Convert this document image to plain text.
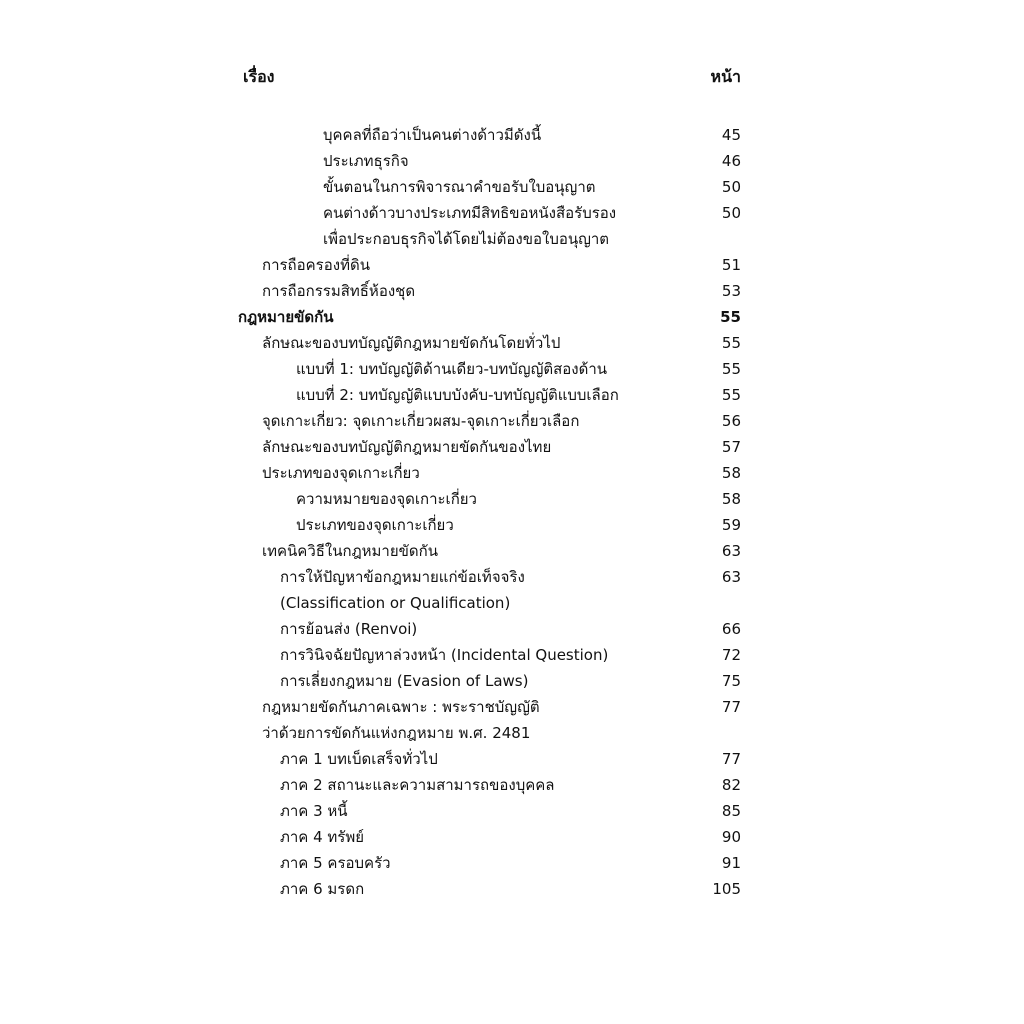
เรื่อง	หน้า
บุคคลที่ถือว่าเป็นคนต่างด้าวมีดังนี้	45
ประเภทธุรกิจ	46
ขั้นตอนในการพิจารณาคำขอรับใบอนุญาต	50
คนต่างด้าวบางประเภทมีสิทธิขอหนังสือรับรอง	50
เพื่อประกอบธุรกิจได้โดยไม่ต้องขอใบอนุญาต
การถือครองที่ดิน	51
การถือกรรมสิทธิ์ห้องชุด	53
กฎหมายขัดกัน	55
ลักษณะของบทบัญญัติกฎหมายขัดกันโดยทั่วไป	55
แบบที่ 1: บทบัญญัติด้านเดียว-บทบัญญัติสองด้าน	55
แบบที่ 2: บทบัญญัติแบบบังคับ-บทบัญญัติแบบเลือก	55
จุดเกาะเกี่ยว: จุดเกาะเกี่ยวผสม-จุดเกาะเกี่ยวเลือก	56
ลักษณะของบทบัญญัติกฎหมายขัดกันของไทย	57
ประเภทของจุดเกาะเกี่ยว	58
ความหมายของจุดเกาะเกี่ยว	58
ประเภทของจุดเกาะเกี่ยว	59
เทคนิควิธีในกฎหมายขัดกัน	63
การให้ปัญหาข้อกฎหมายแก่ข้อเท็จจริง	63
(Classification or Qualification)
การย้อนส่ง (Renvoi)	66
การวินิจฉัยปัญหาล่วงหน้า (Incidental Question)	72
การเลี่ยงกฎหมาย (Evasion of Laws)	75
กฎหมายขัดกันภาคเฉพาะ : พระราชบัญญัติ	77
ว่าด้วยการขัดกันแห่งกฎหมาย พ.ศ. 2481
ภาค 1 บทเบ็ดเสร็จทั่วไป	77
ภาค 2 สถานะและความสามารถของบุคคล	82
ภาค 3 หนี้	85
ภาค 4 ทรัพย์	90
ภาค 5 ครอบครัว	91
ภาค 6 มรดก	105
